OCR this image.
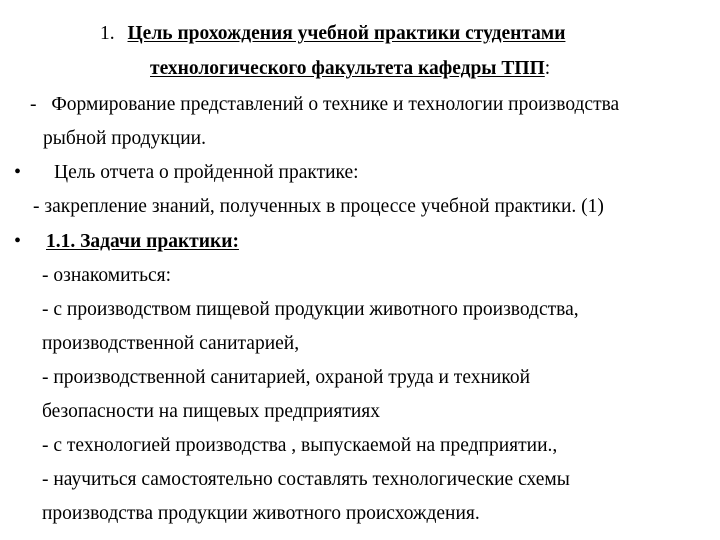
1. Цель прохождения учебной практики студентами
технологического факультета кафедры ТПП:
- Формирование представлений о технике и технологии производства
рыбной продукции.
• Цель отчета о пройденной практике:
- закрепление знаний, полученных в процессе учебной практики. (1)
• 1.1. Задачи практики:
- ознакомиться:
- с производством пищевой продукции животного производства,
производственной санитарией,
- производственной санитарией, охраной труда и техникой
безопасности на пищевых предприятиях
- с технологией производства , выпускаемой на предприятии.,
- научиться самостоятельно составлять технологические схемы
производства продукции животного происхождения.
